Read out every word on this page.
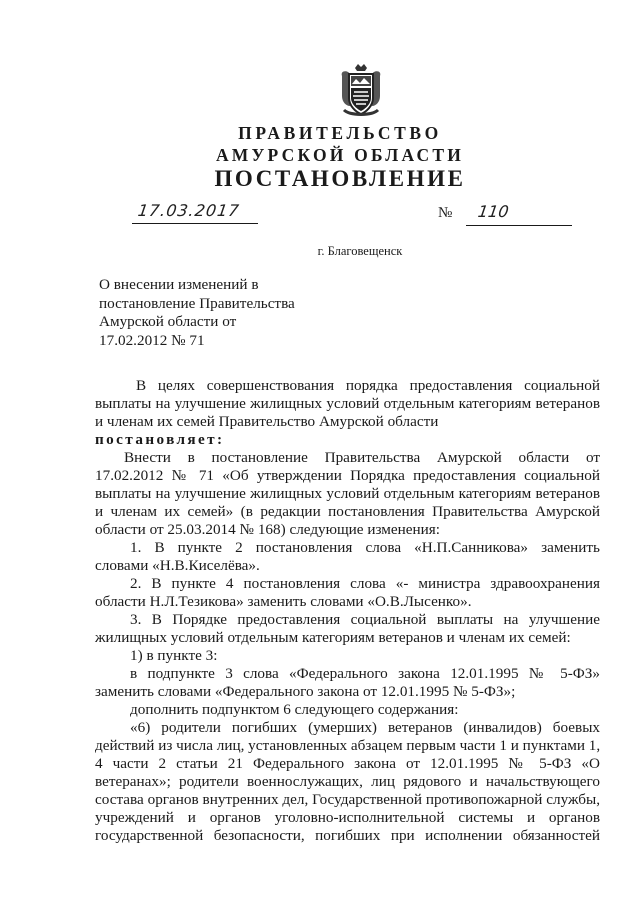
ПРАВИТЕЛЬСТВО
АМУРСКОЙ ОБЛАСТИ
ПОСТАНОВЛЕНИЕ
17.03.2017	№ 110
г. Благовещенск
О внесении изменений в
постановление Правительства
Амурской области от
17.02.2012 № 71
В целях совершенствования порядка предоставления социальной
выплаты на улучшение жилищных условий отдельным категориям ветеранов
и членам их семей Правительство Амурской области
постановляет:
Внести в постановление Правительства Амурской области от
17.02.2012 № 71 «Об утверждении Порядка предоставления социальной
выплаты на улучшение жилищных условий отдельным категориям ветеранов
и членам их семей» (в редакции постановления Правительства Амурской
области от 25.03.2014 № 168) следующие изменения:
1. В пункте 2 постановления слова «Н.П.Санникова» заменить
словами «Н.В.Киселёва».
2. В пункте 4 постановления слова «- министра здравоохранения
области Н.Л.Тезикова» заменить словами «О.В.Лысенко».
3. В Порядке предоставления социальной выплаты на улучшение
жилищных условий отдельным категориям ветеранов и членам их семей:
1) в пункте 3:
в подпункте 3 слова «Федерального закона 12.01.1995 № 5-ФЗ»
заменить словами «Федерального закона от 12.01.1995 № 5-ФЗ»;
дополнить подпунктом 6 следующего содержания:
«6) родители погибших (умерших) ветеранов (инвалидов) боевых
действий из числа лиц, установленных абзацем первым части 1 и пунктами 1,
4 части 2 статьи 21 Федерального закона от 12.01.1995 № 5-ФЗ «О
ветеранах»; родители военнослужащих, лиц рядового и начальствующего
состава органов внутренних дел, Государственной противопожарной службы,
учреждений и органов уголовно-исполнительной системы и органов
государственной безопасности, погибших при исполнении обязанностей
